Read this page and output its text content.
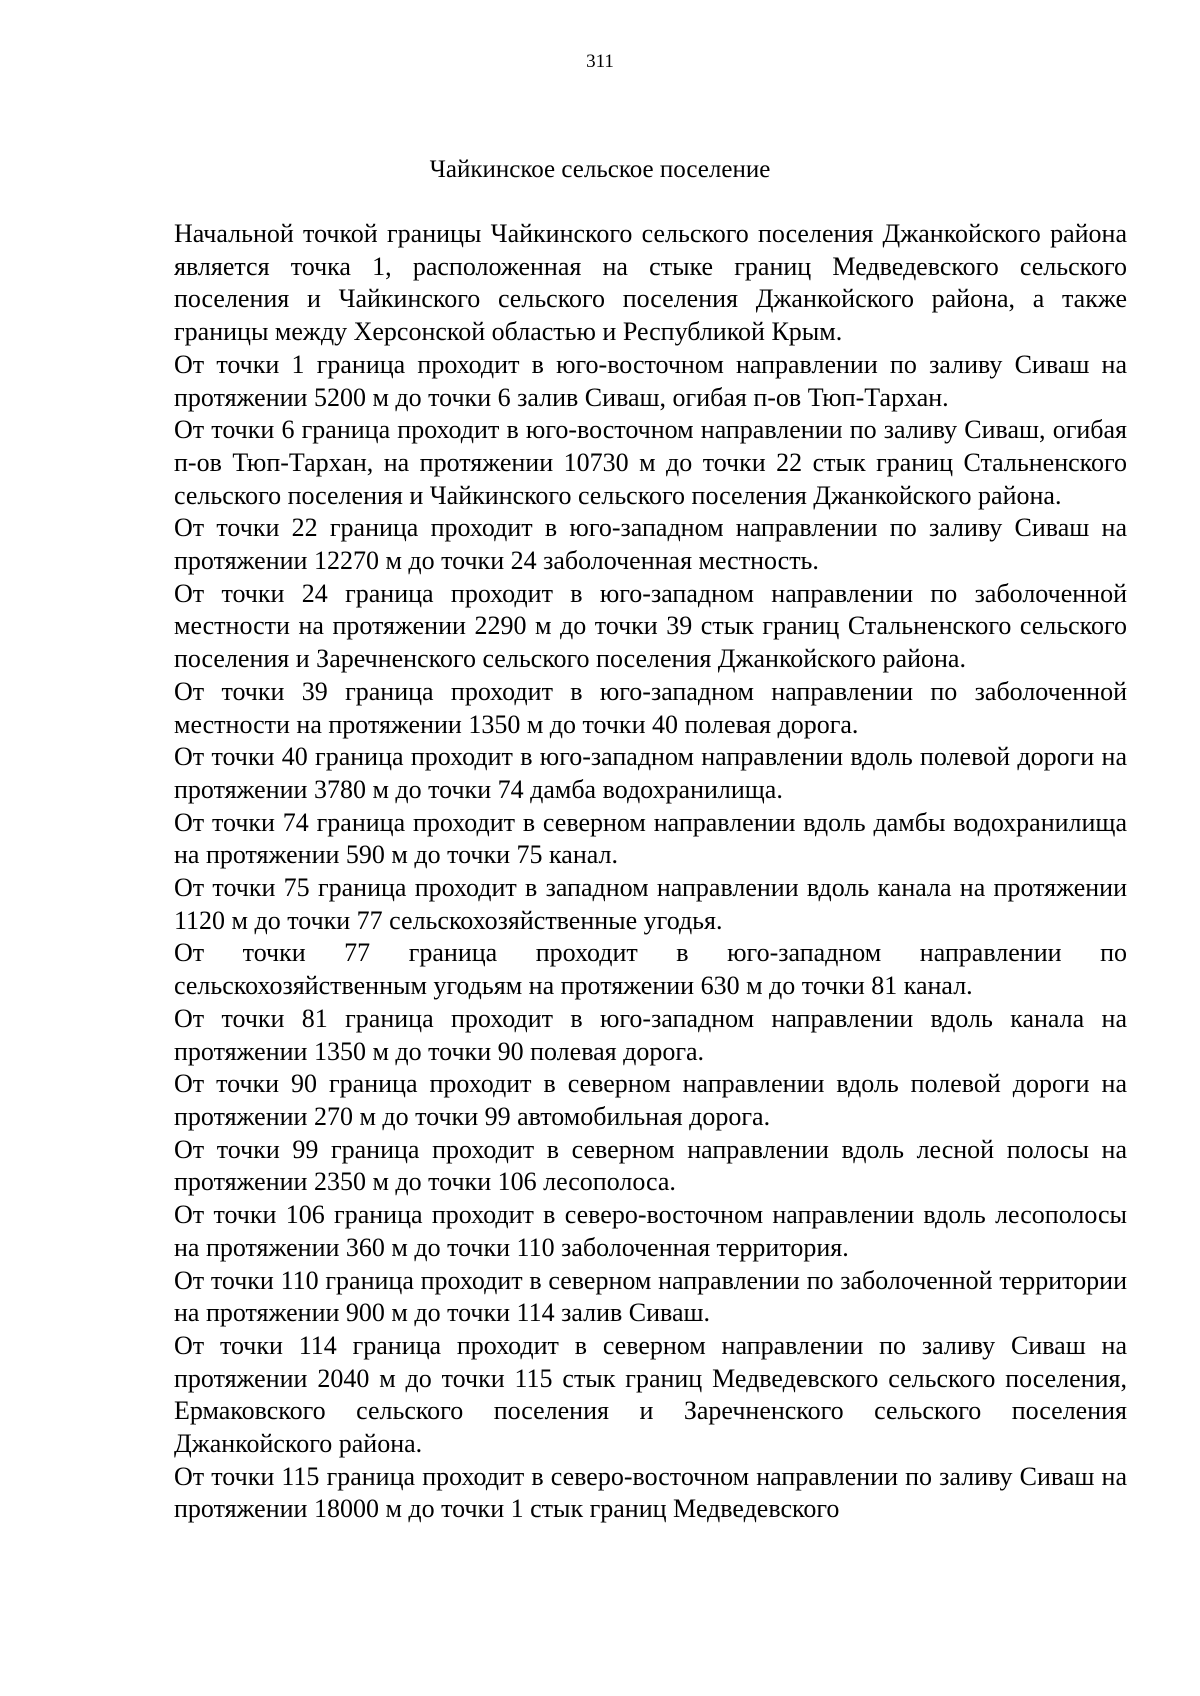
311
Чайкинское сельское поселение

Начальной точкой границы Чайкинского сельского поселения Джанкойского района является точка 1, расположенная на стыке границ Медведевского сельского поселения и Чайкинского сельского поселения Джанкойского района, а также границы между Херсонской областью и Республикой Крым.

От точки 1 граница проходит в юго-восточном направлении по заливу Сиваш на протяжении 5200 м до точки 6 залив Сиваш, огибая п-ов Тюп-Тархан.

От точки 6 граница проходит в юго-восточном направлении по заливу Сиваш, огибая п-ов Тюп-Тархан, на протяжении 10730 м до точки 22 стык границ Стальненского сельского поселения и Чайкинского сельского поселения Джанкойского района.

От точки 22 граница проходит в юго-западном направлении по заливу Сиваш на протяжении 12270 м до точки 24 заболоченная местность.

От точки 24 граница проходит в юго-западном направлении по заболоченной местности на протяжении 2290 м до точки 39 стык границ Стальненского сельского поселения и Заречненского сельского поселения Джанкойского района.

От точки 39 граница проходит в юго-западном направлении по заболоченной местности на протяжении 1350 м до точки 40 полевая дорога.

От точки 40 граница проходит в юго-западном направлении вдоль полевой дороги на протяжении 3780 м до точки 74 дамба водохранилища.

От точки 74 граница проходит в северном направлении вдоль дамбы водохранилища на протяжении 590 м до точки 75 канал.

От точки 75 граница проходит в западном направлении вдоль канала на протяжении 1120 м до точки 77 сельскохозяйственные угодья.

От точки 77 граница проходит в юго-западном направлении по сельскохозяйственным угодьям на протяжении 630 м до точки 81 канал.

От точки 81 граница проходит в юго-западном направлении вдоль канала на протяжении 1350 м до точки 90 полевая дорога.

От точки 90 граница проходит в северном направлении вдоль полевой дороги на протяжении 270 м до точки 99 автомобильная дорога.

От точки 99 граница проходит в северном направлении вдоль лесной полосы на протяжении 2350 м до точки 106 лесополоса.

От точки 106 граница проходит в северо-восточном направлении вдоль лесополосы на протяжении 360 м до точки 110 заболоченная территория.

От точки 110 граница проходит в северном направлении по заболоченной территории на протяжении 900 м до точки 114 залив Сиваш.

От точки 114 граница проходит в северном направлении по заливу Сиваш на протяжении 2040 м до точки 115 стык границ Медведевского сельского поселения, Ермаковского сельского поселения и Заречненского сельского поселения Джанкойского района.

От точки 115 граница проходит в северо-восточном направлении по заливу Сиваш на протяжении 18000 м до точки 1 стык границ Медведевского
